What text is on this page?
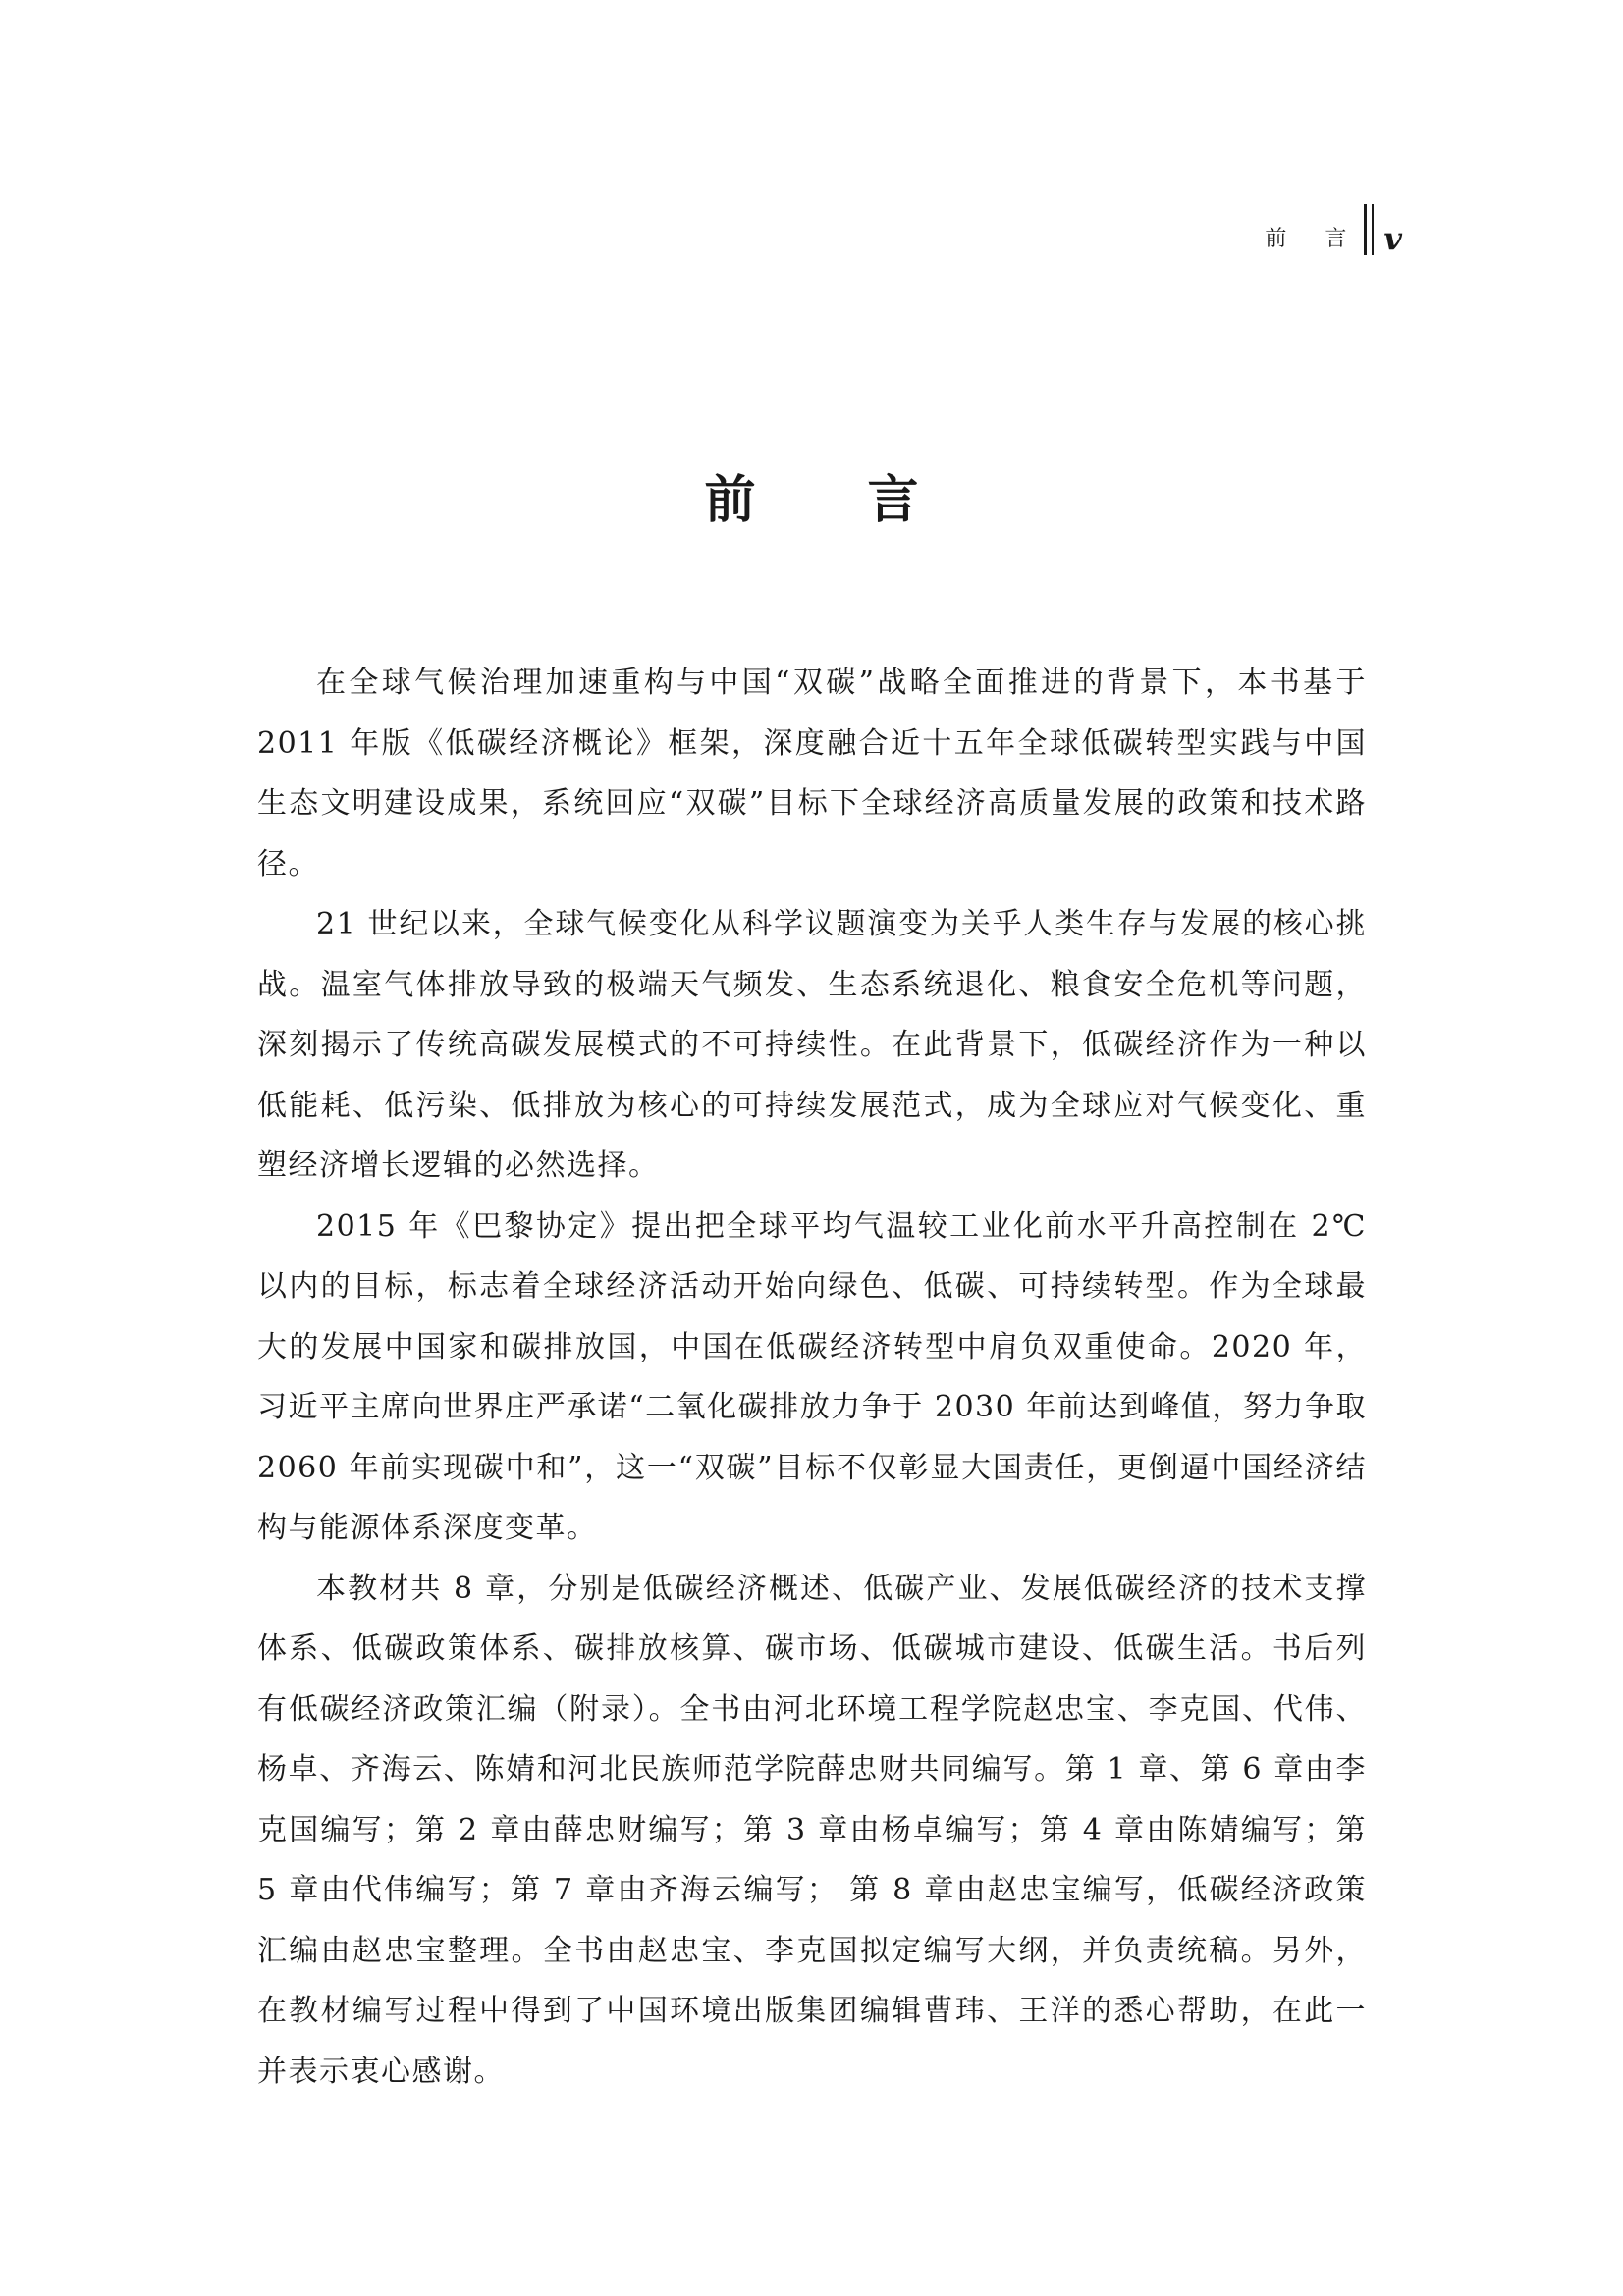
前 言 v
前 言

在全球气候治理加速重构与中国“双碳”战略全面推进的背景下，本书基于2011 年版《低碳经济概论》框架，深度融合近十五年全球低碳转型实践与中国生态文明建设成果，系统回应“双碳”目标下全球经济高质量发展的政策和技术路径。

21 世纪以来，全球气候变化从科学议题演变为关乎人类生存与发展的核心挑战。温室气体排放导致的极端天气频发、生态系统退化、粮食安全危机等问题，深刻揭示了传统高碳发展模式的不可持续性。在此背景下，低碳经济作为一种以低能耗、低污染、低排放为核心的可持续发展范式，成为全球应对气候变化、重塑经济增长逻辑的必然选择。

2015 年《巴黎协定》提出把全球平均气温较工业化前水平升高控制在 2℃以内的目标，标志着全球经济活动开始向绿色、低碳、可持续转型。作为全球最大的发展中国家和碳排放国，中国在低碳经济转型中肩负双重使命。2020 年，习近平主席向世界庄严承诺“二氧化碳排放力争于 2030 年前达到峰值，努力争取2060 年前实现碳中和”，这一“双碳”目标不仅彰显大国责任，更倒逼中国经济结构与能源体系深度变革。

本教材共 8 章，分别是低碳经济概述、低碳产业、发展低碳经济的技术支撑体系、低碳政策体系、碳排放核算、碳市场、低碳城市建设、低碳生活。书后列有低碳经济政策汇编（附录）。全书由河北环境工程学院赵忠宝、李克国、代伟、杨卓、齐海云、陈婧和河北民族师范学院薛忠财共同编写。第 1 章、第 6 章由李克国编写；第 2 章由薛忠财编写；第 3 章由杨卓编写；第 4 章由陈婧编写；第 5 章由代伟编写；第 7 章由齐海云编写； 第 8 章由赵忠宝编写，低碳经济政策汇编由赵忠宝整理。全书由赵忠宝、李克国拟定编写大纲，并负责统稿。另外，在教材编写过程中得到了中国环境出版集团编辑曹玮、王洋的悉心帮助，在此一并表示衷心感谢。
